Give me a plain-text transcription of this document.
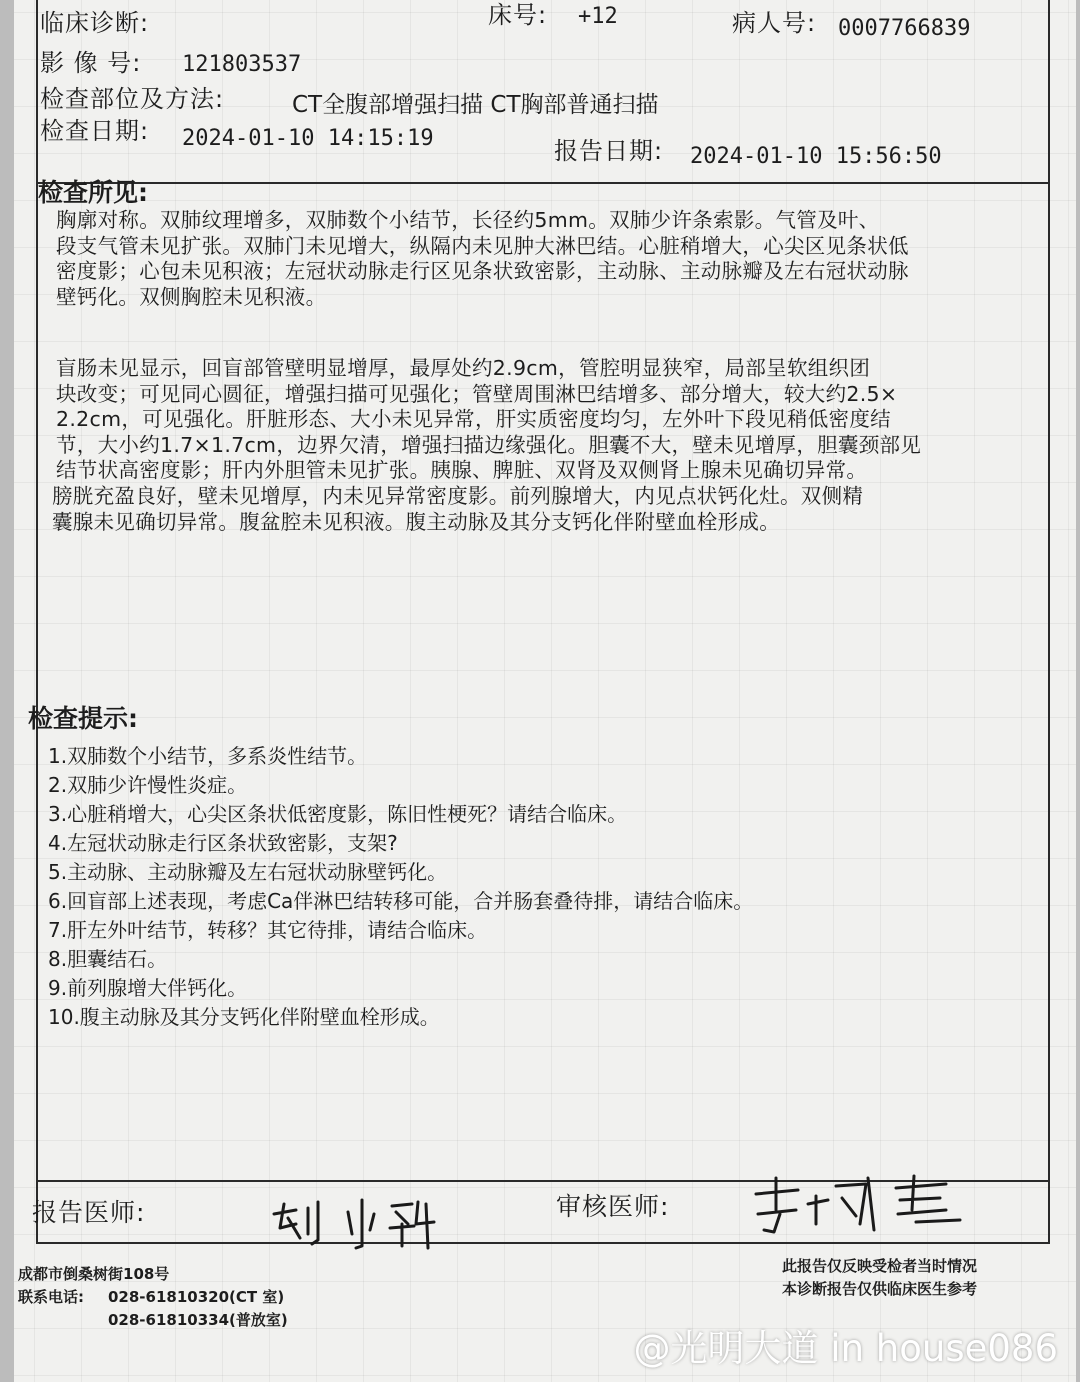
临床诊断:	床号: +12	病人号: 0007766839
影 像 号: 121803537
检查部位及方法:	CT全腹部增强扫描 CT胸部普通扫描
检查日期: 2024-01-10 14:15:19	报告日期: 2024-01-10 15:56:50
检查所见:
胸廓对称。双肺纹理增多，双肺数个小结节，长径约5mm。双肺少许条索影。气管及叶、
段支气管未见扩张。双肺门未见增大，纵隔内未见肿大淋巴结。心脏稍增大，心尖区见条状低
密度影；心包未见积液；左冠状动脉走行区见条状致密影，主动脉、主动脉瓣及左右冠状动脉
壁钙化。双侧胸腔未见积液。
盲肠未见显示，回盲部管壁明显增厚，最厚处约2.9cm，管腔明显狭窄，局部呈软组织团
块改变；可见同心圆征，增强扫描可见强化；管壁周围淋巴结增多、部分增大，较大约2.5×
2.2cm，可见强化。肝脏形态、大小未见异常，肝实质密度均匀，左外叶下段见稍低密度结
节，大小约1.7×1.7cm，边界欠清，增强扫描边缘强化。胆囊不大，壁未见增厚，胆囊颈部见
结节状高密度影；肝内外胆管未见扩张。胰腺、脾脏、双肾及双侧肾上腺未见确切异常。
膀胱充盈良好，壁未见增厚，内未见异常密度影。前列腺增大，内见点状钙化灶。双侧精
囊腺未见确切异常。腹盆腔未见积液。腹主动脉及其分支钙化伴附壁血栓形成。
检查提示:
1.双肺数个小结节，多系炎性结节。
2.双肺少许慢性炎症。
3.心脏稍增大，心尖区条状低密度影，陈旧性梗死？请结合临床。
4.左冠状动脉走行区条状致密影，支架?
5.主动脉、主动脉瓣及左右冠状动脉壁钙化。
6.回盲部上述表现，考虑Ca伴淋巴结转移可能，合并肠套叠待排，请结合临床。
7.肝左外叶结节，转移？其它待排，请结合临床。
8.胆囊结石。
9.前列腺增大伴钙化。
10.腹主动脉及其分支钙化伴附壁血栓形成。
报告医师:	审核医师:
成都市倒桑树街108号
联系电话: 028-61810320(CT 室)
028-61810334(普放室)
此报告仅反映受检者当时情况
本诊断报告仅供临床医生参考
@光明大道 in house086
